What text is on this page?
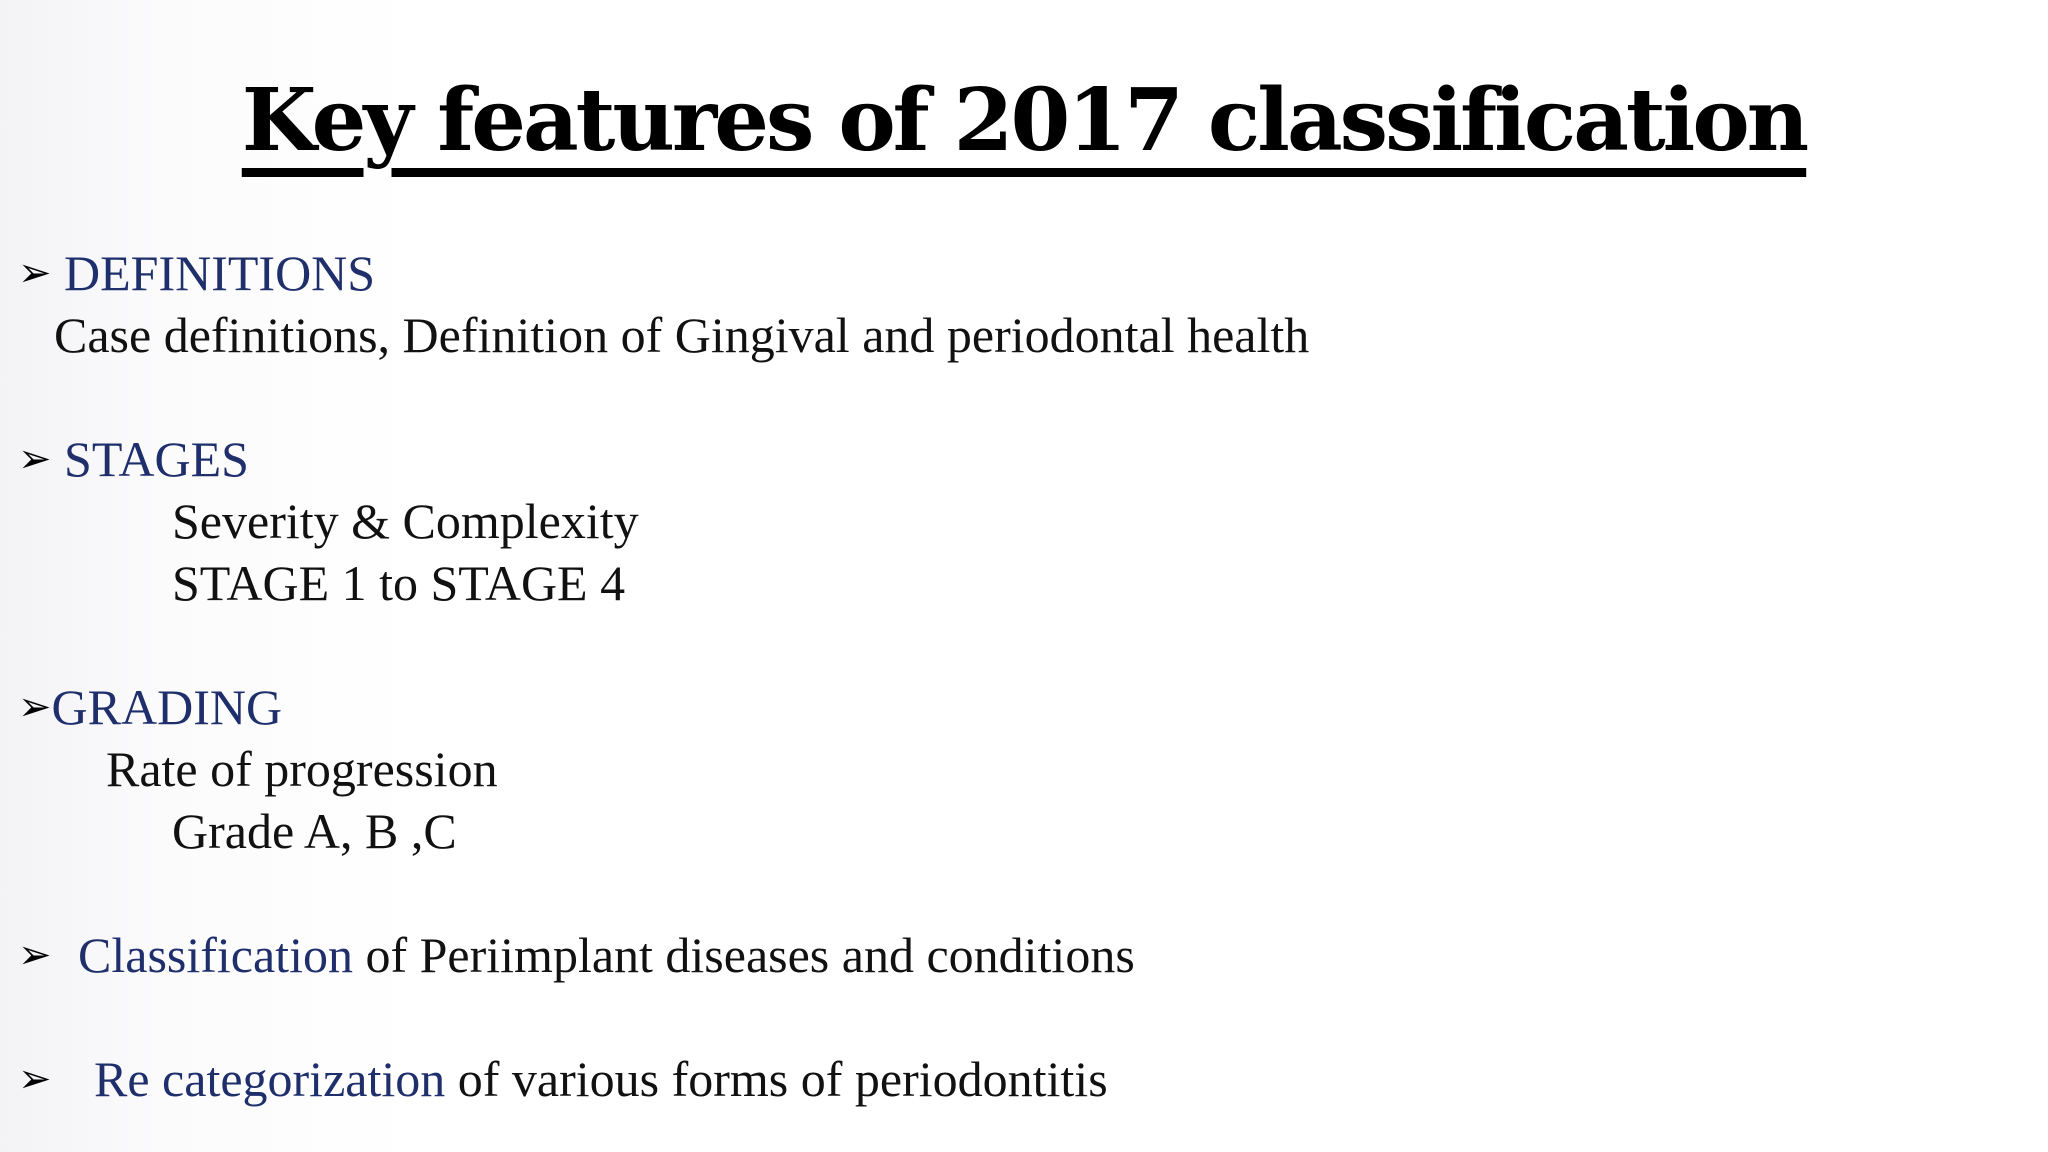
Key features of 2017 classification
➢ DEFINITIONS
Case definitions, Definition of Gingival and periodontal health
➢ STAGES
Severity & Complexity
STAGE 1 to STAGE 4
➢GRADING
Rate of progression
Grade A, B ,C
➢ Classification of Periimplant diseases and conditions
➢ Re categorization of various forms of periodontitis
